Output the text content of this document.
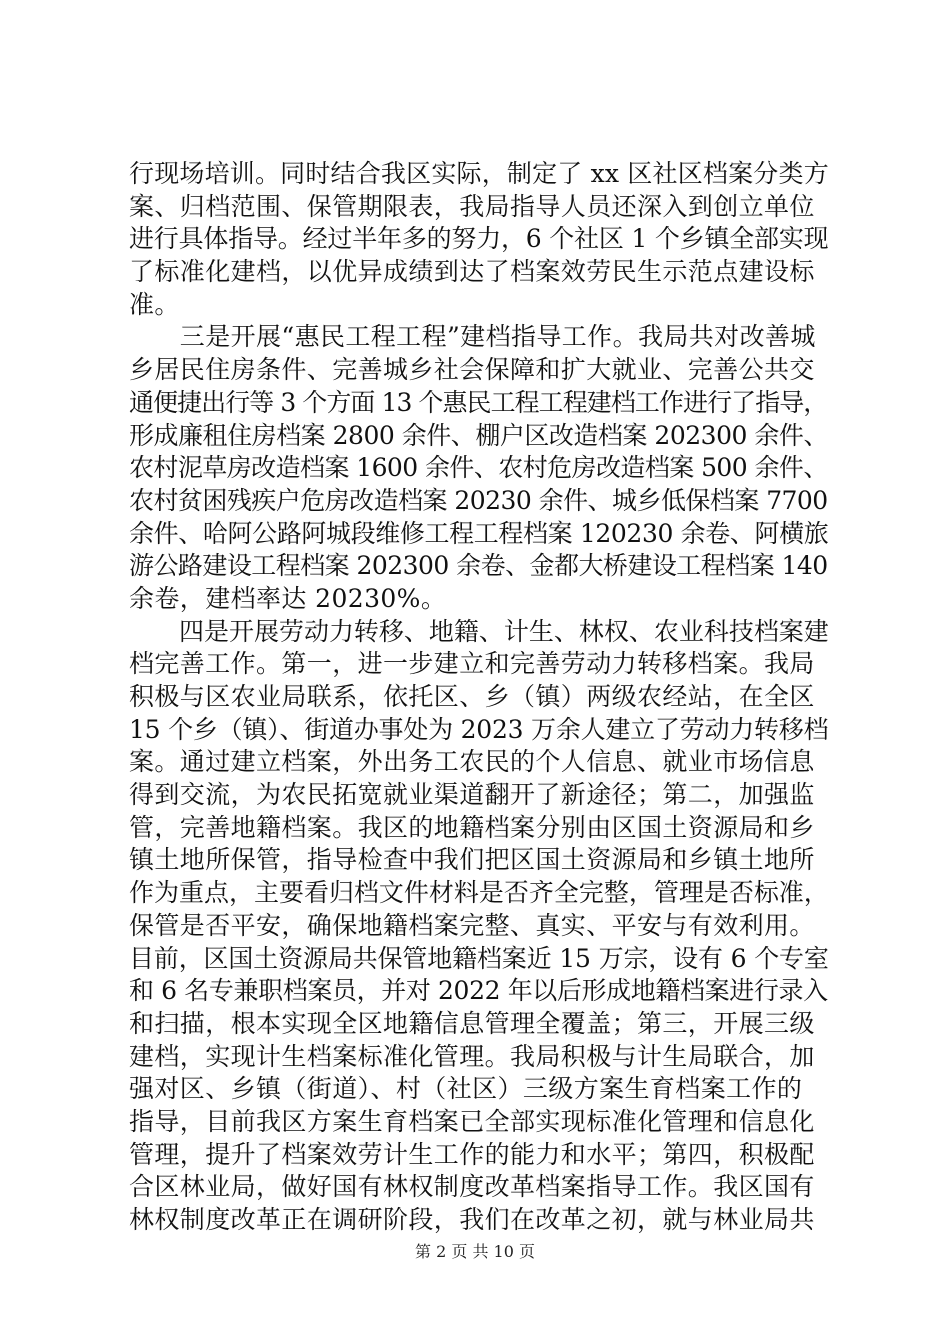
行现场培训。同时结合我区实际，制定了 xx 区社区档案分类方
案、归档范围、保管期限表，我局指导人员还深入到创立单位
进行具体指导。经过半年多的努力，6 个社区 1 个乡镇全部实现
了标准化建档，以优异成绩到达了档案效劳民生示范点建设标
准。
　　三是开展“惠民工程工程”建档指导工作。我局共对改善城
乡居民住房条件、完善城乡社会保障和扩大就业、完善公共交
通便捷出行等 3 个方面 13 个惠民工程工程建档工作进行了指导，
形成廉租住房档案 2800 余件、棚户区改造档案 202300 余件、
农村泥草房改造档案 1600 余件、农村危房改造档案 500 余件、
农村贫困残疾户危房改造档案 20230 余件、城乡低保档案 7700
余件、哈阿公路阿城段维修工程工程档案 120230 余卷、阿横旅
游公路建设工程档案 202300 余卷、金都大桥建设工程档案 140
余卷，建档率达 20230%。
　　四是开展劳动力转移、地籍、计生、林权、农业科技档案建
档完善工作。第一，进一步建立和完善劳动力转移档案。我局
积极与区农业局联系，依托区、乡（镇）两级农经站，在全区
15 个乡（镇）、街道办事处为 2023 万余人建立了劳动力转移档
案。通过建立档案，外出务工农民的个人信息、就业市场信息
得到交流，为农民拓宽就业渠道翻开了新途径；第二，加强监
管，完善地籍档案。我区的地籍档案分别由区国土资源局和乡
镇土地所保管，指导检查中我们把区国土资源局和乡镇土地所
作为重点，主要看归档文件材料是否齐全完整，管理是否标准，
保管是否平安，确保地籍档案完整、真实、平安与有效利用。
目前，区国土资源局共保管地籍档案近 15 万宗，设有 6 个专室
和 6 名专兼职档案员，并对 2022 年以后形成地籍档案进行录入
和扫描，根本实现全区地籍信息管理全覆盖；第三，开展三级
建档，实现计生档案标准化管理。我局积极与计生局联合，加
强对区、乡镇（街道）、村（社区）三级方案生育档案工作的
指导，目前我区方案生育档案已全部实现标准化管理和信息化
管理，提升了档案效劳计生工作的能力和水平；第四，积极配
合区林业局，做好国有林权制度改革档案指导工作。我区国有
林权制度改革正在调研阶段，我们在改革之初，就与林业局共
第 2 页 共 10 页
